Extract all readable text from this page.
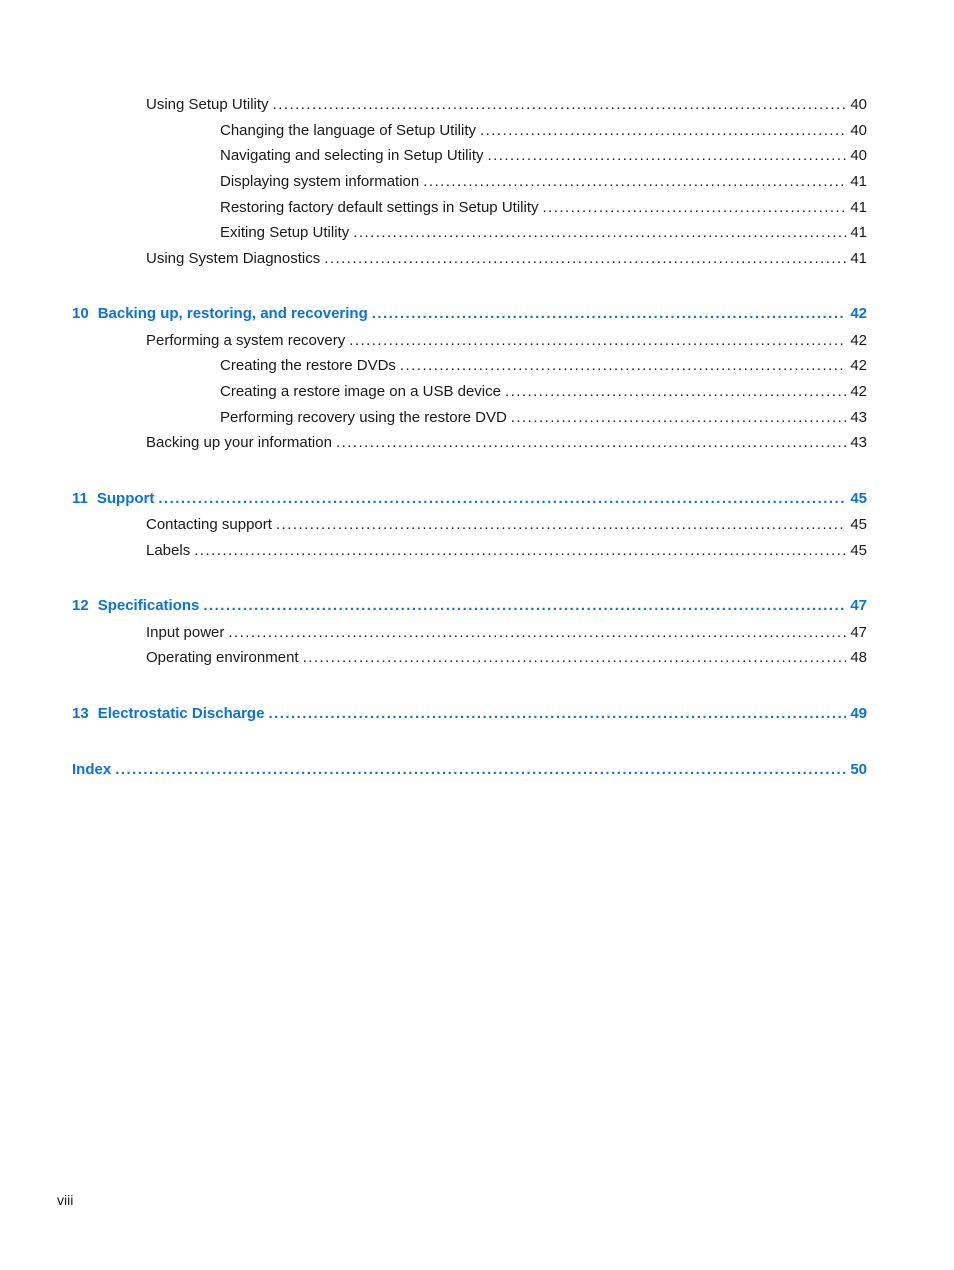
Using Setup Utility . . .	40
Changing the language of Setup Utility . . .	40
Navigating and selecting in Setup Utility . . .	40
Displaying system information . . .	41
Restoring factory default settings in Setup Utility . . .	41
Exiting Setup Utility . . .	41
Using System Diagnostics . . .	41
10 Backing up, restoring, and recovering . . .	42
Performing a system recovery . . .	42
Creating the restore DVDs . . .	42
Creating a restore image on a USB device . . .	42
Performing recovery using the restore DVD . . .	43
Backing up your information . . .	43
11 Support . . .	45
Contacting support . . .	45
Labels . . .	45
12 Specifications . . .	47
Input power . . .	47
Operating environment . . .	48
13 Electrostatic Discharge . . .	49
Index . . .	50
viii
